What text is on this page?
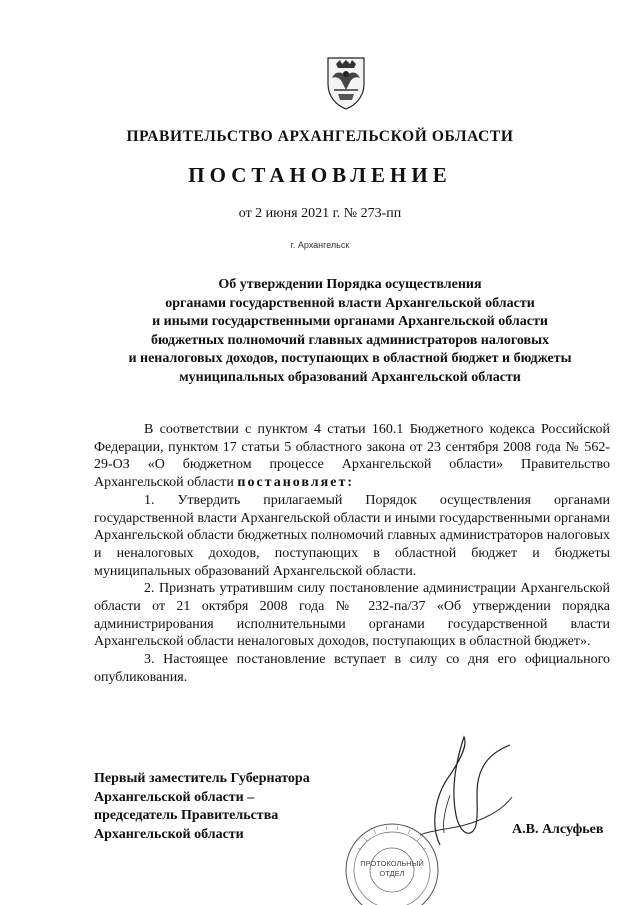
ПРАВИТЕЛЬСТВО АРХАНГЕЛЬСКОЙ ОБЛАСТИ
ПОСТАНОВЛЕНИЕ
от 2 июня 2021 г. № 273-пп
г. Архангельск
Об утверждении Порядка осуществления
органами государственной власти Архангельской области
и иными государственными органами Архангельской области
бюджетных полномочий главных администраторов налоговых
и неналоговых доходов, поступающих в областной бюджет и бюджеты
муниципальных образований Архангельской области

В соответствии с пунктом 4 статьи 160.1 Бюджетного кодекса Российской Федерации, пунктом 17 статьи 5 областного закона от 23 сентября 2008 года № 562-29-ОЗ «О бюджетном процессе Архангельской области» Правительство Архангельской области постановляет:

1. Утвердить прилагаемый Порядок осуществления органами государственной власти Архангельской области и иными государственными органами Архангельской области бюджетных полномочий главных администраторов налоговых и неналоговых доходов, поступающих в областной бюджет и бюджеты муниципальных образований Архангельской области.

2. Признать утратившим силу постановление администрации Архангельской области от 21 октября 2008 года № 232-па/37 «Об утверждении порядка администрирования исполнительными органами государственной власти Архангельской области неналоговых доходов, поступающих в областной бюджет».

3. Настоящее постановление вступает в силу со дня его официального опубликования.

Первый заместитель Губернатора
Архангельской области –
председатель Правительства
Архангельской области	А.В. Алсуфьев
ПРОТОКОЛЬНЫЙ
ОТДЕЛ
